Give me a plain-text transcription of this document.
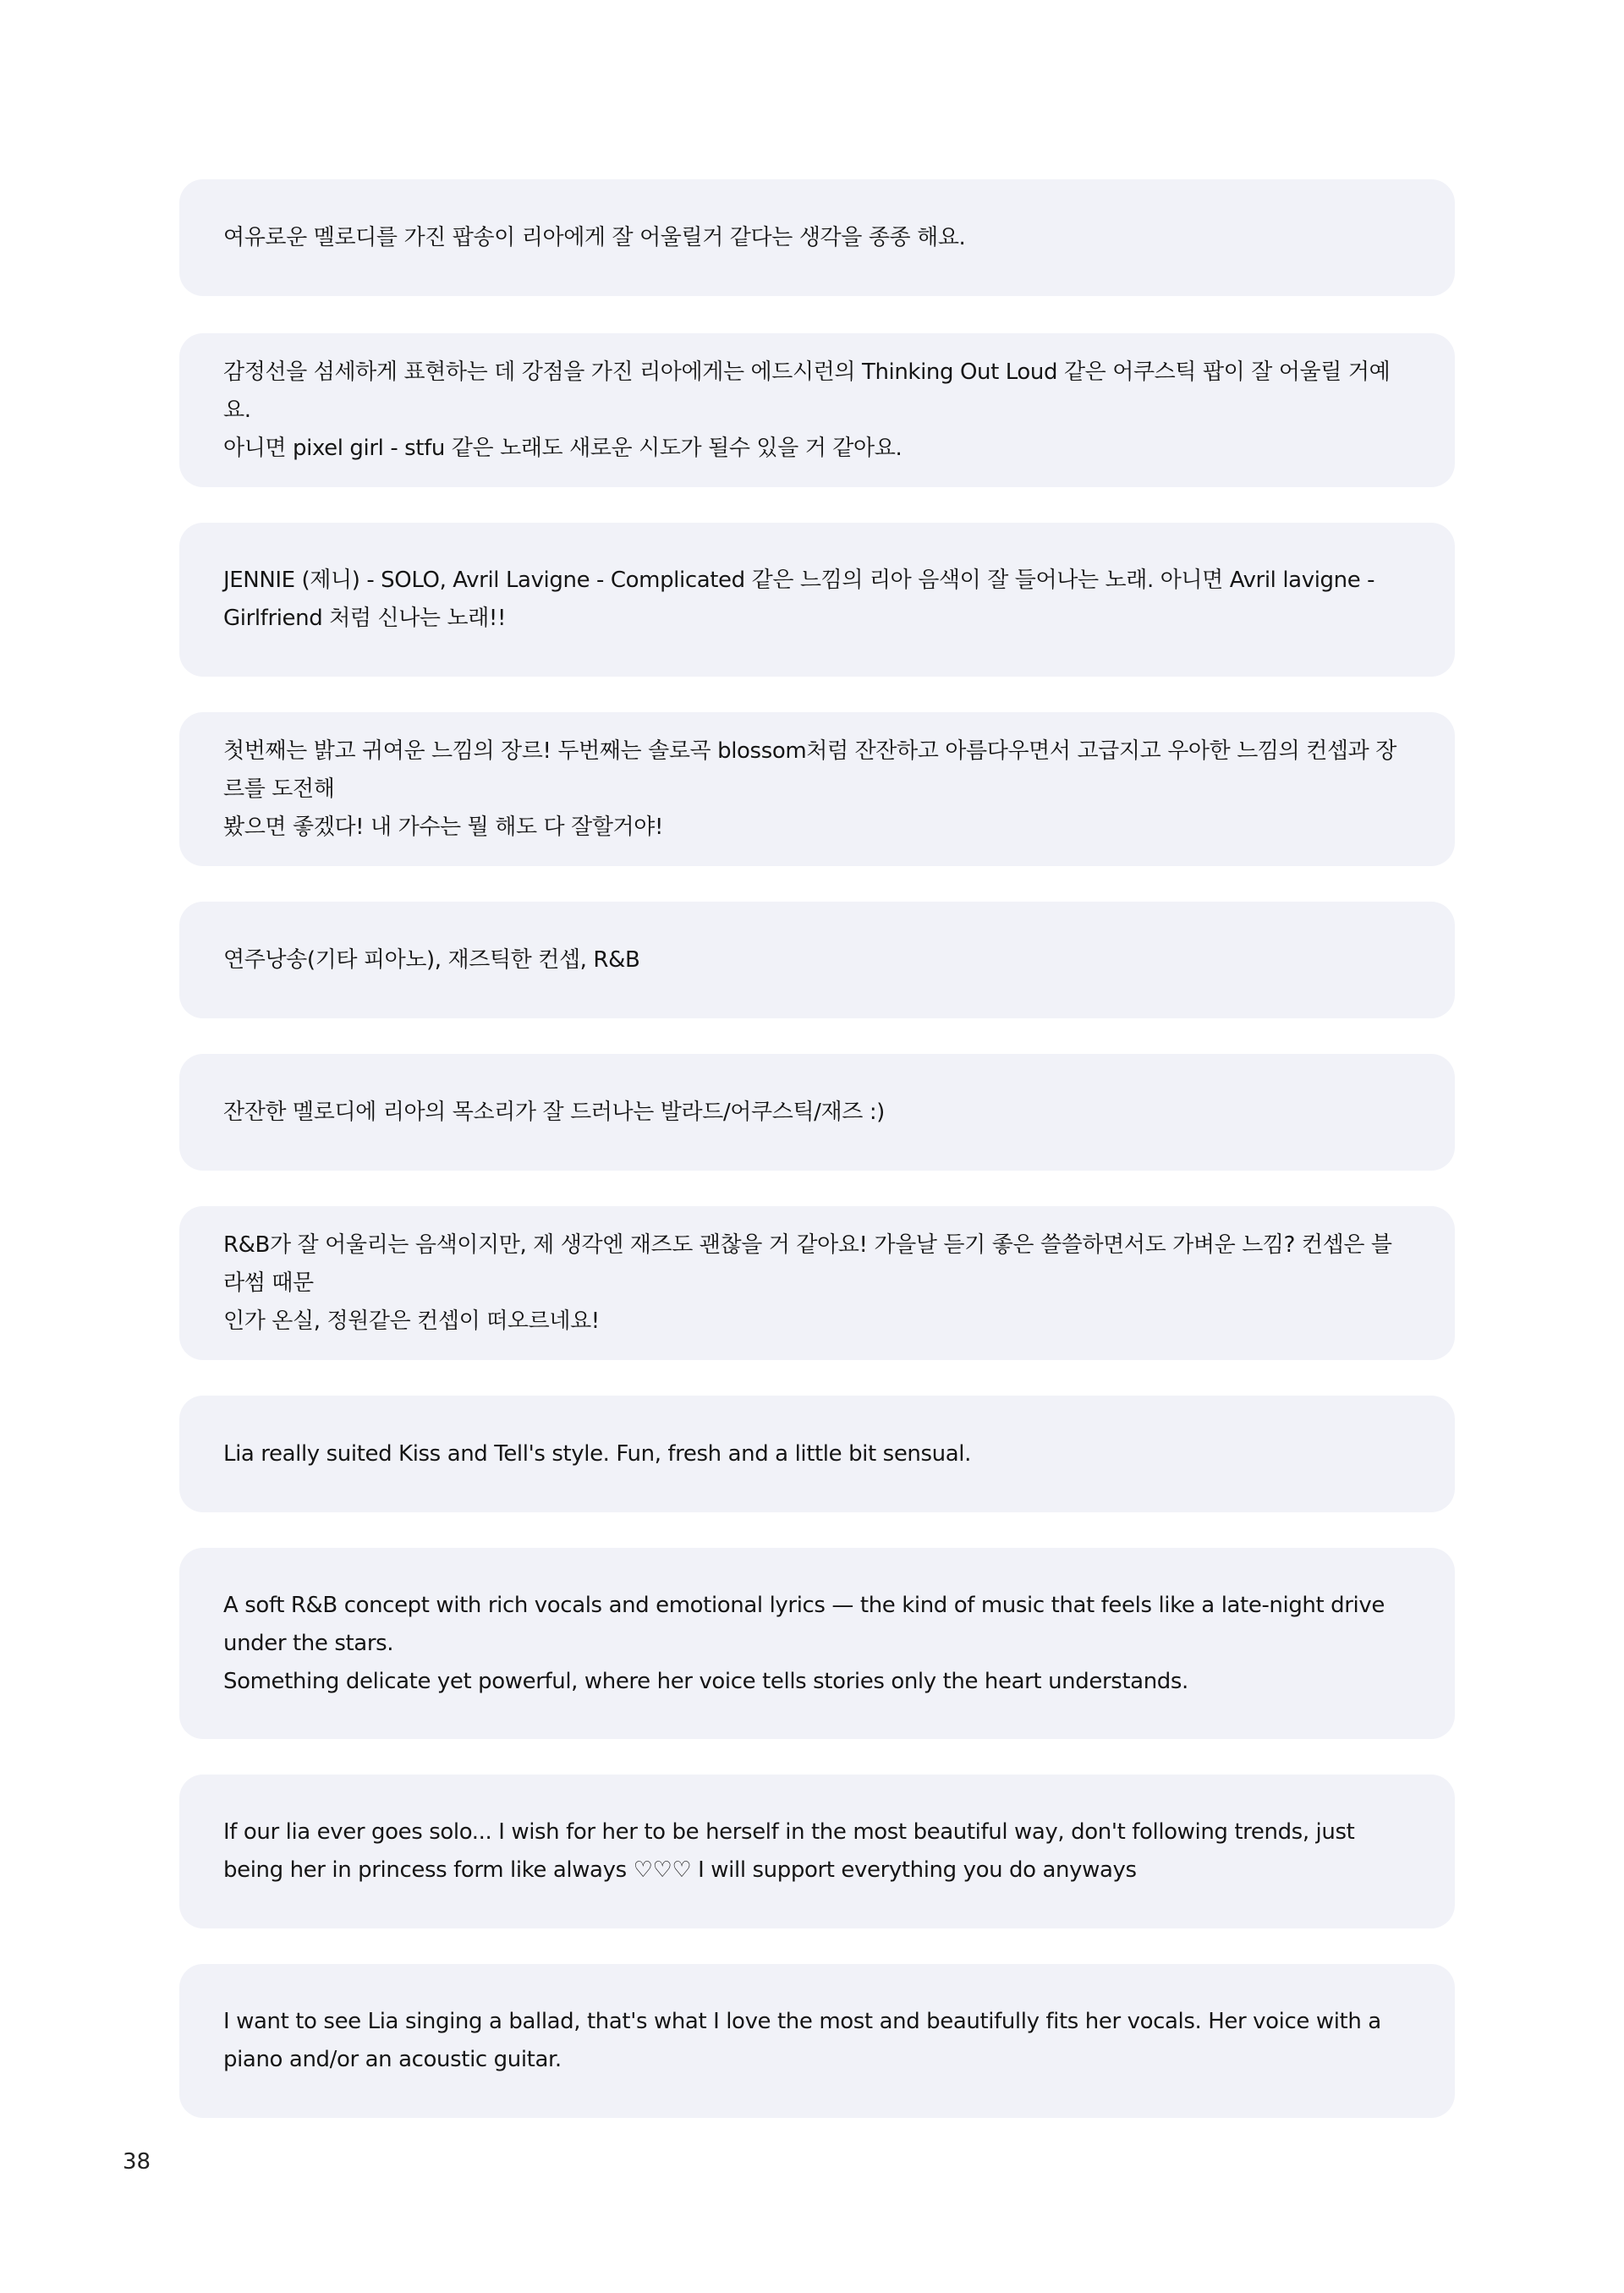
여유로운 멜로디를 가진 팝송이 리아에게 잘 어울릴거 같다는 생각을 종종 해요.

감정선을 섬세하게 표현하는 데 강점을 가진 리아에게는 에드시런의 Thinking Out Loud 같은 어쿠스틱 팝이 잘 어울릴 거예요.
아니면 pixel girl - stfu 같은 노래도 새로운 시도가 될수 있을 거 같아요.

JENNIE (제니) - SOLO, Avril Lavigne - Complicated 같은 느낌의 리아 음색이 잘 들어나는 노래. 아니면 Avril lavigne -
Girlfriend 처럼 신나는 노래!!

첫번째는 밝고 귀여운 느낌의 장르! 두번째는 솔로곡 blossom처럼 잔잔하고 아름다우면서 고급지고 우아한 느낌의 컨셉과 장르를 도전해
봤으면 좋겠다! 내 가수는 뭘 해도 다 잘할거야!

연주낭송(기타 피아노), 재즈틱한 컨셉, R&B

잔잔한 멜로디에 리아의 목소리가 잘 드러나는 발라드/어쿠스틱/재즈 :)

R&B가 잘 어울리는 음색이지만, 제 생각엔 재즈도 괜찮을 거 같아요! 가을날 듣기 좋은 쓸쓸하면서도 가벼운 느낌? 컨셉은 블라썸 때문
인가 온실, 정원같은 컨셉이 떠오르네요!

Lia really suited Kiss and Tell's style. Fun, fresh and a little bit sensual.

A soft R&B concept with rich vocals and emotional lyrics — the kind of music that feels like a late-night drive
under the stars.
Something delicate yet powerful, where her voice tells stories only the heart understands.

If our lia ever goes solo... I wish for her to be herself in the most beautiful way, don't following trends, just
being her in princess form like always ♡♡♡ I will support everything you do anyways

I want to see Lia singing a ballad, that's what I love the most and beautifully fits her vocals. Her voice with a
piano and/or an acoustic guitar.

38
